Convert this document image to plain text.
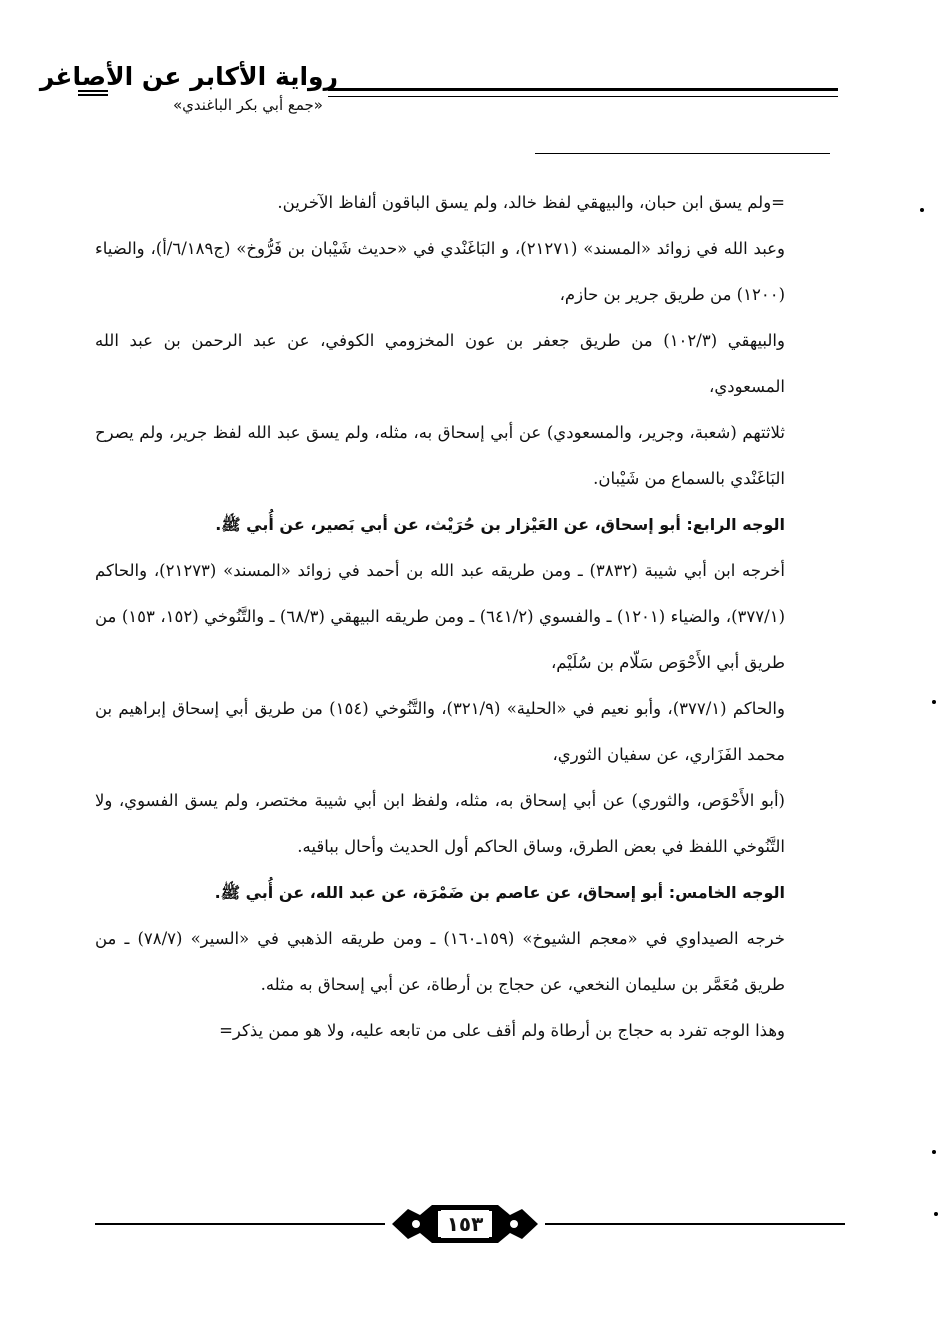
رواية الأكابر عن الأصاغر
«جمع أبي بكر الباغندي»

=ولم يسق ابن حبان، والبيهقي لفظ خالد، ولم يسق الباقون ألفاظ الآخرين.

وعبد الله في زوائد «المسند» (٢١٢٧١)، و البَاغَنْدي في «حديث شَيْبان بن فَرُّوخ» (ج٦/١٨٩/أ)، والضياء (١٢٠٠) من طريق جرير بن حازم،

والبيهقي (١٠٢/٣) من طريق جعفر بن عون المخزومي الكوفي، عن عبد الرحمن بن عبد الله المسعودي،

ثلاثتهم (شعبة، وجرير، والمسعودي) عن أبي إسحاق به، مثله، ولم يسق عبد الله لفظ جرير، ولم يصرح البَاغَنْدي بالسماع من شَيْبان.

الوجه الرابع: أبو إسحاق، عن العَيْزار بن حُرَيْث، عن أبي بَصير، عن أُبي ﷺ.

أخرجه ابن أبي شيبة (٣٨٣٢) ـ ومن طريقه عبد الله بن أحمد في زوائد «المسند» (٢١٢٧٣)، والحاكم (٣٧٧/١)، والضياء (١٢٠١) ـ والفسوي (٦٤١/٢) ـ ومن طريقه البيهقي (٦٨/٣) ـ والتَّنُوخي (١٥٢، ١٥٣) من طريق أبي الأَحْوَص سَلّام بن سُلَيْم،

والحاكم (٣٧٧/١)، وأبو نعيم في «الحلية» (٣٢١/٩)، والتَّنُوخي (١٥٤) من طريق أبي إسحاق إبراهيم بن محمد الفَزَاري، عن سفيان الثوري،

(أبو الأَحْوَص، والثوري) عن أبي إسحاق به، مثله، ولفظ ابن أبي شيبة مختصر، ولم يسق الفسوي، ولا التَّنُوخي اللفظ في بعض الطرق، وساق الحاكم أول الحديث وأحال بباقيه.

الوجه الخامس: أبو إسحاق، عن عاصم بن ضَمْرَة، عن عبد الله، عن أُبي ﷺ.

خرجه الصيداوي في «معجم الشيوخ» (١٥٩ـ١٦٠) ـ ومن طريقه الذهبي في «السير» (٧٨/٧) ـ من طريق مُعَمَّر بن سليمان النخعي، عن حجاج بن أرطاة، عن أبي إسحاق به مثله.

وهذا الوجه تفرد به حجاج بن أرطاة ولم أقف على من تابعه عليه، ولا هو ممن يذكر=

١٥٣
